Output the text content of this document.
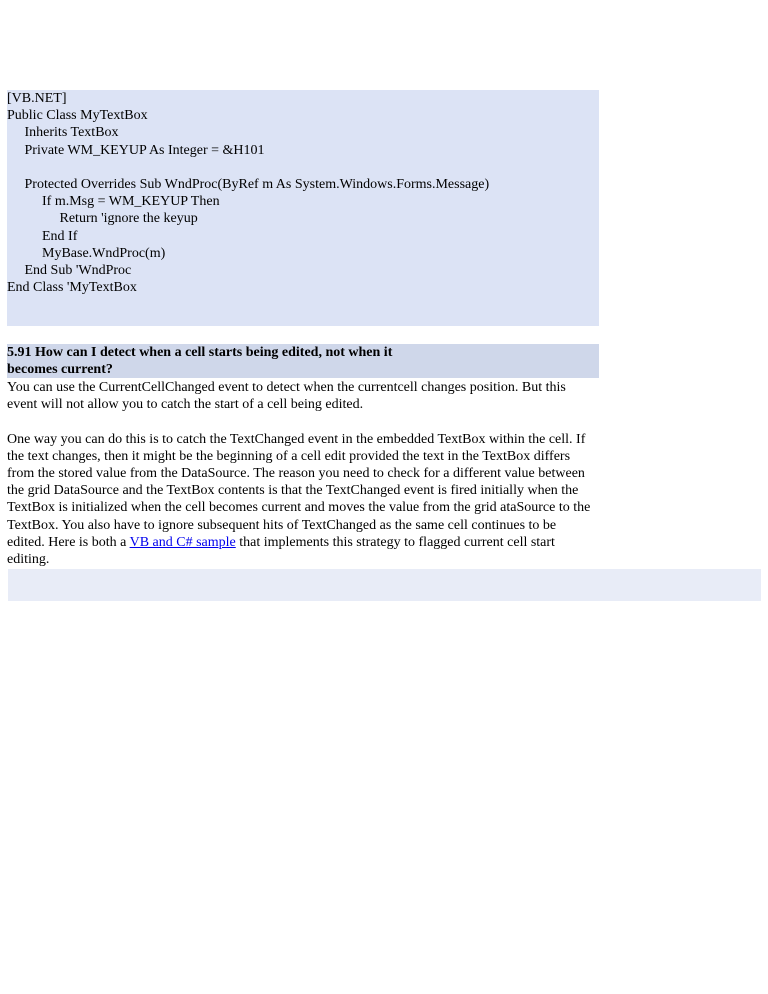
[VB.NET]
Public Class MyTextBox
Inherits TextBox
Private WM_KEYUP As Integer = &H101
Protected Overrides Sub WndProc(ByRef m As System.Windows.Forms.Message)
If m.Msg = WM_KEYUP Then
Return 'ignore the keyup
End If
MyBase.WndProc(m)
End Sub 'WndProc
End Class 'MyTextBox
5.91 How can I detect when a cell starts being edited, not when it becomes current?

You can use the CurrentCellChanged event to detect when the currentcell changes position. But this event will not allow you to catch the start of a cell being edited.

One way you can do this is to catch the TextChanged event in the embedded TextBox within the cell. If the text changes, then it might be the beginning of a cell edit provided the text in the TextBox differs from the stored value from the DataSource. The reason you need to check for a different value between the grid DataSource and the TextBox contents is that the TextChanged event is fired initially when the TextBox is initialized when the cell becomes current and moves the value from the grid ataSource to the TextBox. You also have to ignore subsequent hits of TextChanged as the same cell continues to be edited. Here is both a VB and C# sample that implements this strategy to flagged current cell start editing.
